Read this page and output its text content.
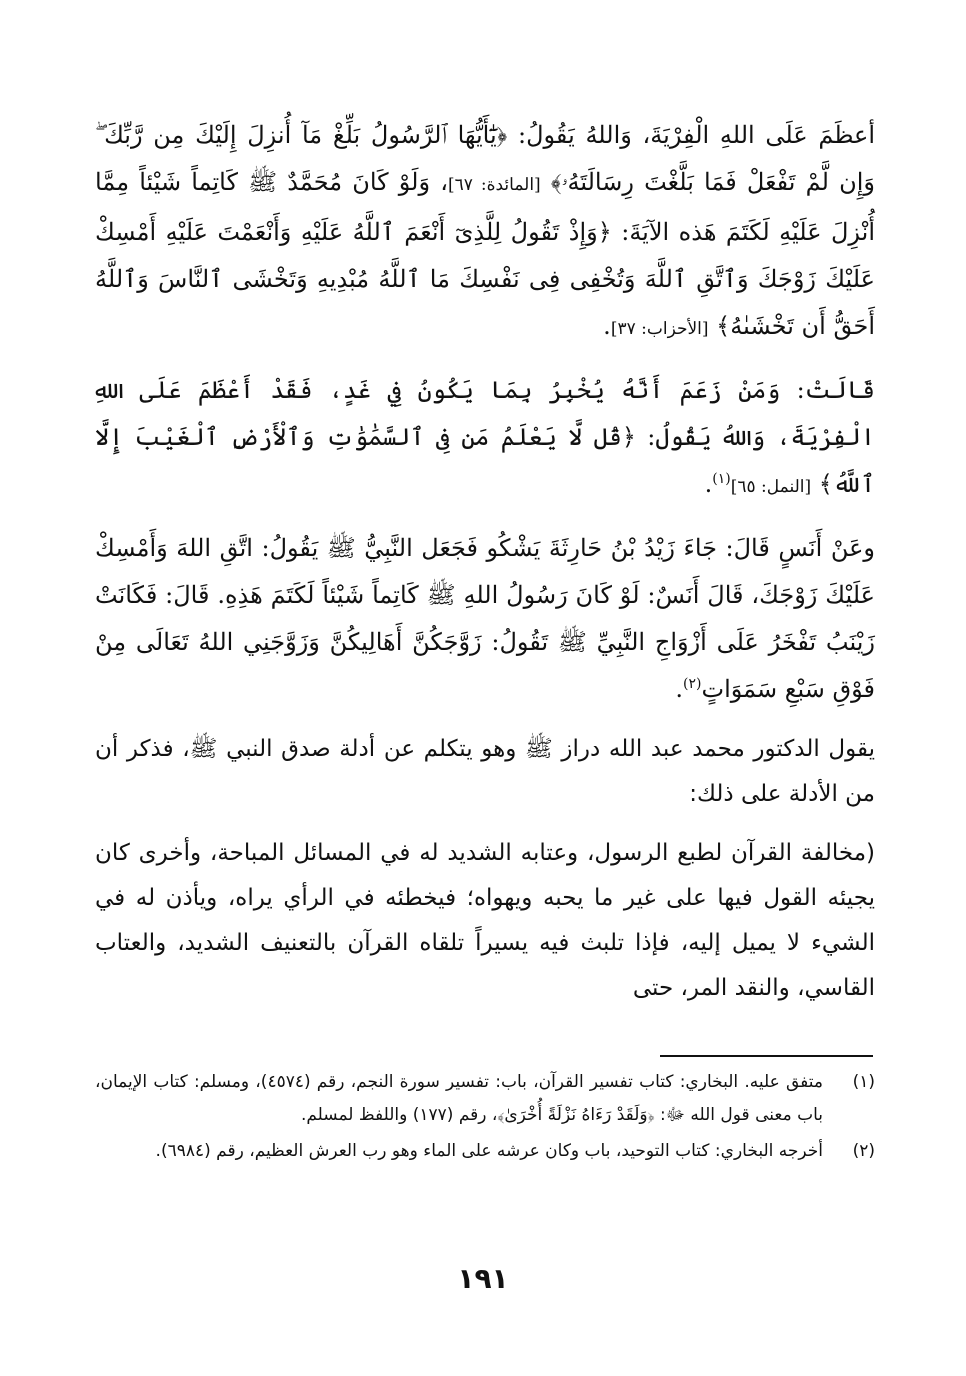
أعظَمَ عَلَى اللهِ الْفِرْيَةَ، وَاللهُ يَقُولُ: ﴿يَٰٓأَيُّهَا ٱلرَّسُولُ بَلِّغْ مَآ أُنزِلَ إِلَيْكَ مِن رَّبِّكَ ۖ وَإِن لَّمْ تَفْعَلْ فَمَا بَلَّغْتَ رِسَالَتَهُۥ﴾ [المائدة: ٦٧]، وَلَوْ كَانَ مُحَمَّدٌ ﷺ كَاتِماً شَيْئاً مِمَّا أُنْزِلَ عَلَيْهِ لَكَتَمَ هَذه الآيَةَ: ﴿وَإِذْ تَقُولُ لِلَّذِىٓ أَنْعَمَ ٱللَّهُ عَلَيْهِ وَأَنْعَمْتَ عَلَيْهِ أَمْسِكْ عَلَيْكَ زَوْجَكَ وَٱتَّقِ ٱللَّهَ وَتُخْفِى فِى نَفْسِكَ مَا ٱللَّهُ مُبْدِيهِ وَتَخْشَى ٱلنَّاسَ وَٱللَّهُ أَحَقُّ أَن تَخْشَىٰهُ﴾ [الأحزاب: ٣٧].

قَالَتْ: وَمَنْ زَعَمَ أَنَّهُ يُخْبِرُ بِمَا يَكُونُ فِي غَدٍ، فَقَدْ أَعْظَمَ عَلَى اللهِ الْفِرْيَةَ، وَاللهُ يَقُولُ: ﴿قُل لَّا يَعْلَمُ مَن فِى ٱلسَّمَٰوَٰتِ وَٱلْأَرْضِ ٱلْغَيْبَ إِلَّا ٱللَّهُ﴾ [النمل: ٦٥]$^{(١)}$.

وعَنْ أَنَسٍ قَالَ: جَاءَ زَيْدُ بْنُ حَارِثَةَ يَشْكُو فَجَعَل النَّبِيُّ ﷺ يَقُولُ: اتَّقِ اللهَ وَأَمْسِكْ عَلَيْكَ زَوْجَكَ، قَالَ أَنَسٌ: لَوْ كَانَ رَسُولُ اللهِ ﷺ كَاتِماً شَيْئاً لَكَتَمَ هَذِهِ. قَالَ: فَكَانَتْ زَيْنَبُ تَفْخَرُ عَلَى أَزْوَاجِ النَّبِيِّ ﷺ تَقُولُ: زَوَّجَكُنَّ أَهَالِيكُنَّ وَزَوَّجَنِي اللهُ تَعَالَى مِنْ فَوْقِ سَبْعِ سَمَوَاتٍ$^{(٢)}$.

يقول الدكتور محمد عبد الله دراز ﷺ وهو يتكلم عن أدلة صدق النبي ﷺ، فذكر أن من الأدلة على ذلك:

(مخالفة القرآن لطبع الرسول، وعتابه الشديد له في المسائل المباحة، وأخرى كان يجيئه القول فيها على غير ما يحبه ويهواه؛ فيخطئه في الرأي يراه، ويأذن له في الشيء لا يميل إليه، فإذا تلبث فيه يسيراً تلقاه القرآن بالتعنيف الشديد، والعتاب القاسي، والنقد المر، حتى

(١)
متفق عليه. البخاري: كتاب تفسير القرآن، باب: تفسير سورة النجم، رقم (٤٥٧٤)، ومسلم: كتاب الإيمان، باب معنى قول الله ﷻ: ﴿وَلَقَدْ رَءَاهُ نَزْلَةً أُخْرَىٰ﴾، رقم (١٧٧) واللفظ لمسلم.
(٢)
أخرجه البخاري: كتاب التوحيد، باب وكان عرشه على الماء وهو رب العرش العظيم، رقم (٦٩٨٤).
١٩١
